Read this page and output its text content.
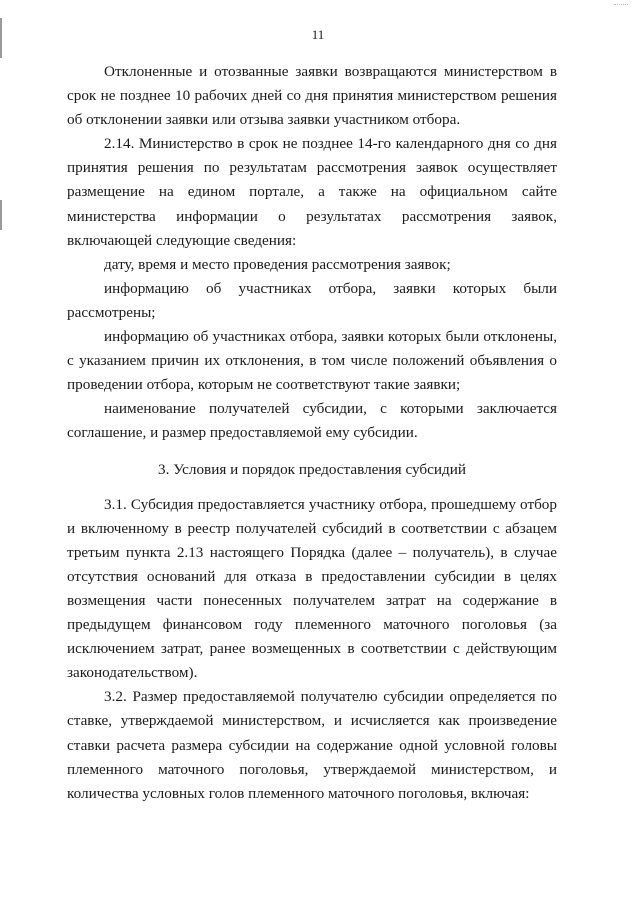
11

Отклоненные и отозванные заявки возвращаются министерством в срок не позднее 10 рабочих дней со дня принятия министерством решения об отклонении заявки или отзыва заявки участником отбора.

2.14. Министерство в срок не позднее 14-го календарного дня со дня принятия решения по результатам рассмотрения заявок осуществляет размещение на едином портале, а также на официальном сайте министерства информации о результатах рассмотрения заявок, включающей следующие сведения:

дату, время и место проведения рассмотрения заявок;

информацию об участниках отбора, заявки которых были рассмотрены;

информацию об участниках отбора, заявки которых были отклонены, с указанием причин их отклонения, в том числе положений объявления о проведении отбора, которым не соответствуют такие заявки;

наименование получателей субсидии, с которыми заключается соглашение, и размер предоставляемой ему субсидии.

3. Условия и порядок предоставления субсидий

3.1. Субсидия предоставляется участнику отбора, прошедшему отбор и включенному в реестр получателей субсидий в соответствии с абзацем третьим пункта 2.13 настоящего Порядка (далее – получатель), в случае отсутствия оснований для отказа в предоставлении субсидии в целях возмещения части понесенных получателем затрат на содержание в предыдущем финансовом году племенного маточного поголовья (за исключением затрат, ранее возмещенных в соответствии с действующим законодательством).

3.2. Размер предоставляемой получателю субсидии определяется по ставке, утверждаемой министерством, и исчисляется как произведение ставки расчета размера субсидии на содержание одной условной головы племенного маточного поголовья, утверждаемой министерством, и количества условных голов племенного маточного поголовья, включая:
